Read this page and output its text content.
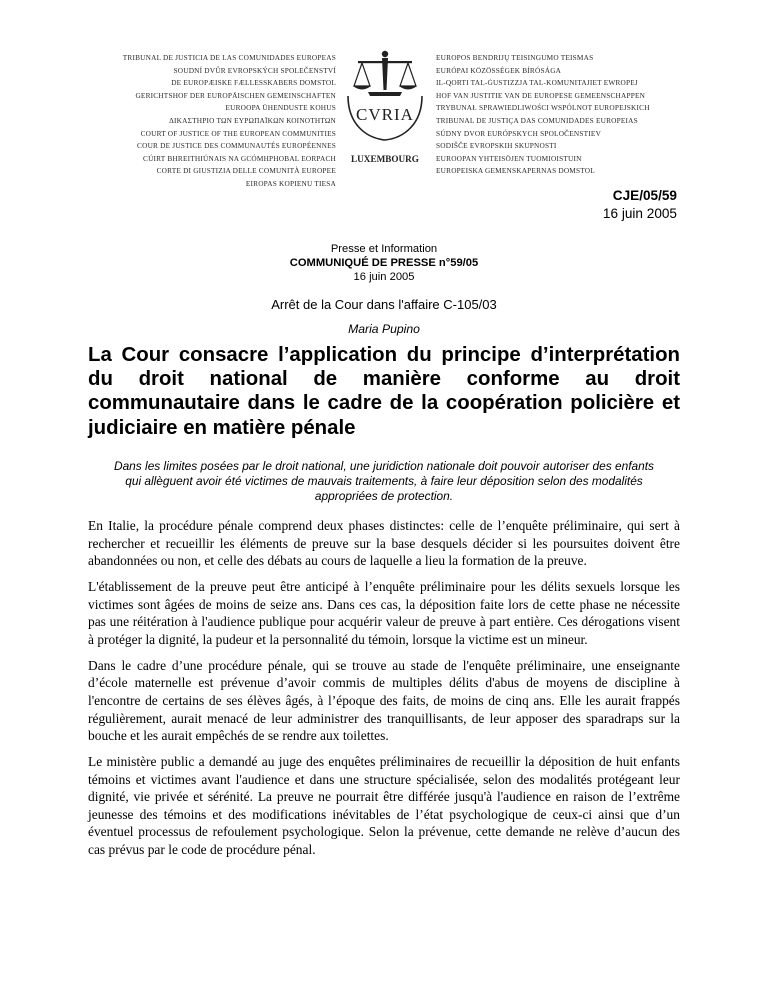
TRIBUNAL DE JUSTICIA DE LAS COMUNIDADES EUROPEAS
SOUDNÍ DVŮR EVROPSKÝCH SPOLEČENSTVÍ
DE EUROPÆISKE FÆLLESSKABERS DOMSTOL
GERICHTSHOF DER EUROPÄISCHEN GEMEINSCHAFTEN
EUROOPA ÜHENDUSTE KOHUS
ΔΙΚΑΣΤΗΡΙΟ ΤΩΝ ΕΥΡΩΠΑΪΚΩΝ ΚΟΙΝΟΤΗΤΩΝ
COURT OF JUSTICE OF THE EUROPEAN COMMUNITIES
COUR DE JUSTICE DES COMMUNAUTÉS EUROPÉENNES
CÚIRT BHREITHIÚNAIS NA GCÓMHPHOBAL EORPACH
CORTE DI GIUSTIZIA DELLE COMUNITÀ EUROPEE
EIROPAS KOPIENU TIESA
CVRIA
LUXEMBOURG
EUROPOS BENDRIJŲ TEISINGUMO TEISMAS
EURÓPAI KÖZÖSSÉGEK BÍRÓSÁGA
IL-QORTI TAL-ĠUSTIZZJA TAL-KOMUNITAJIET EWROPEJ
HOF VAN JUSTITIE VAN DE EUROPESE GEMEENSCHAPPEN
TRYBUNAŁ SPRAWIEDLIWOŚCI WSPÓLNOT EUROPEJSKICH
TRIBUNAL DE JUSTIÇA DAS COMUNIDADES EUROPEIAS
SÚDNY DVOR EURÓPSKYCH SPOLOČENSTIEV
SODIŠČE EVROPSKIH SKUPNOSTI
EUROOPAN YHTEISÖJEN TUOMIOISTUIN
EUROPEISKA GEMENSKAPERNAS DOMSTOL
CJE/05/59
16 juin 2005
Presse et Information
COMMUNIQUÉ DE PRESSE n°59/05
16 juin 2005
Arrêt de la Cour dans l'affaire C-105/03
Maria Pupino
La Cour consacre l’application du principe d’interprétation du droit national de manière conforme au droit communautaire dans le cadre de la coopération policière et judiciaire en matière pénale
Dans les limites posées par le droit national, une juridiction nationale doit pouvoir autoriser des enfants qui allèguent avoir été victimes de mauvais traitements, à faire leur déposition selon des modalités appropriées de protection.

En Italie, la procédure pénale comprend deux phases distinctes: celle de l’enquête préliminaire, qui sert à rechercher et recueillir les éléments de preuve sur la base desquels décider si les poursuites doivent être abandonnées ou non, et celle des débats au cours de laquelle a lieu la formation de la preuve.

L'établissement de la preuve peut être anticipé à l’enquête préliminaire pour les délits sexuels lorsque les victimes sont âgées de moins de seize ans. Dans ces cas, la déposition faite lors de cette phase ne nécessite pas une réitération à l'audience publique pour acquérir valeur de preuve à part entière. Ces dérogations visent à protéger la dignité, la pudeur et la personnalité du témoin, lorsque la victime est un mineur.

Dans le cadre d’une procédure pénale, qui se trouve au stade de l'enquête préliminaire, une enseignante d’école maternelle est prévenue d’avoir commis de multiples délits d'abus de moyens de discipline à l'encontre de certains de ses élèves âgés, à l’époque des faits, de moins de cinq ans. Elle les aurait frappés régulièrement, aurait menacé de leur administrer des tranquillisants, de leur apposer des sparadraps sur la bouche et les aurait empêchés de se rendre aux toilettes.

Le ministère public a demandé au juge des enquêtes préliminaires de recueillir la déposition de huit enfants témoins et victimes avant l'audience et dans une structure spécialisée, selon des modalités protégeant leur dignité, vie privée et sérénité. La preuve ne pourrait être différée jusqu'à l'audience en raison de l’extrême jeunesse des témoins et des modifications inévitables de l’état psychologique de ceux-ci ainsi que d’un éventuel processus de refoulement psychologique. Selon la prévenue, cette demande ne relève d’aucun des cas prévus par le code de procédure pénal.
